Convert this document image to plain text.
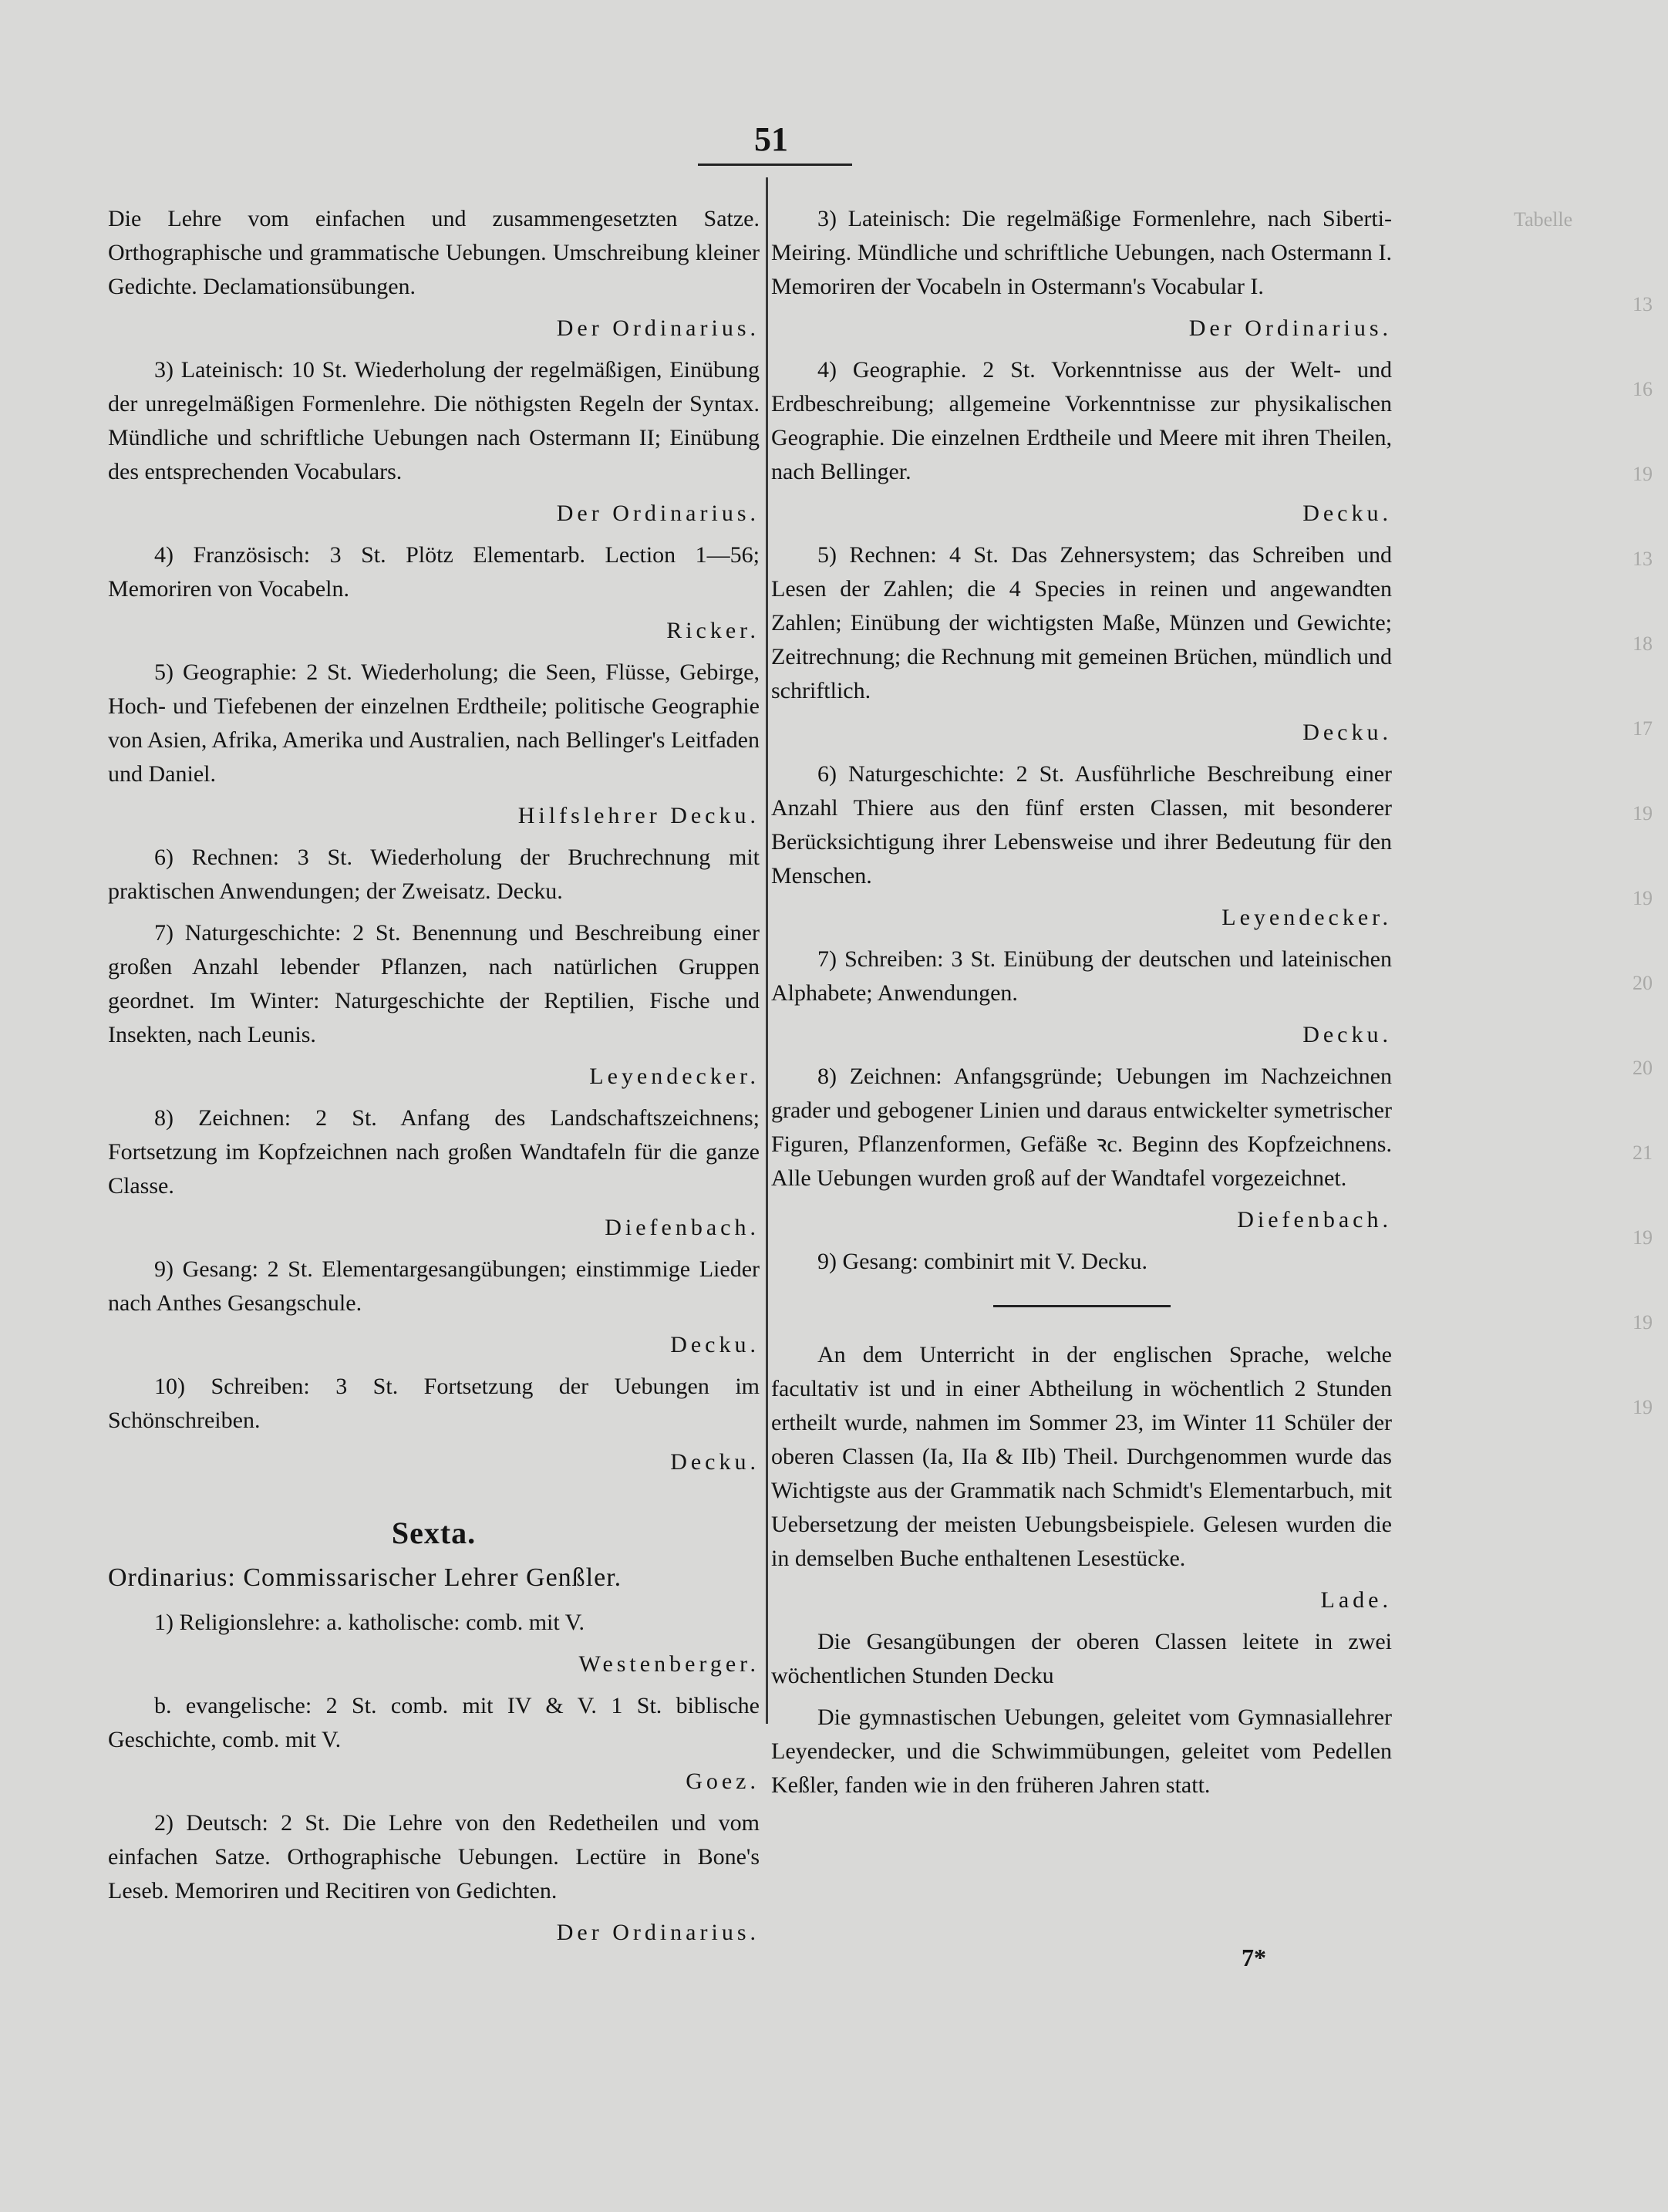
Tabelle
13
16
19
13
18
17
19
19
20
20
21
19
19
19
51

Die Lehre vom einfachen und zusammengesetzten Satze. Orthographische und grammatische Uebungen. Umschreibung kleiner Gedichte. Declamationsübungen.

Der Ordinarius.

3) Lateinisch: 10 St. Wiederholung der regelmäßigen, Einübung der unregelmäßigen Formenlehre. Die nöthigsten Regeln der Syntax. Mündliche und schriftliche Uebungen nach Ostermann II; Einübung des entsprechenden Vocabulars.

Der Ordinarius.

4) Französisch: 3 St. Plötz Elementarb. Lection 1—56; Memoriren von Vocabeln.

Ricker.

5) Geographie: 2 St. Wiederholung; die Seen, Flüsse, Gebirge, Hoch- und Tiefebenen der einzelnen Erdtheile; politische Geographie von Asien, Afrika, Amerika und Australien, nach Bellinger's Leitfaden und Daniel.

Hilfslehrer Decku.

6) Rechnen: 3 St. Wiederholung der Bruchrechnung mit praktischen Anwendungen; der Zweisatz. Decku.

7) Naturgeschichte: 2 St. Benennung und Beschreibung einer großen Anzahl lebender Pflanzen, nach natürlichen Gruppen geordnet. Im Winter: Naturgeschichte der Reptilien, Fische und Insekten, nach Leunis.

Leyendecker.

8) Zeichnen: 2 St. Anfang des Landschaftszeichnens; Fortsetzung im Kopfzeichnen nach großen Wandtafeln für die ganze Classe.

Diefenbach.

9) Gesang: 2 St. Elementargesangübungen; einstimmige Lieder nach Anthes Gesangschule.

Decku.

10) Schreiben: 3 St. Fortsetzung der Uebungen im Schönschreiben.

Decku.

Sexta.
Ordinarius: Commissarischer Lehrer Genßler.

1) Religionslehre: a. katholische: comb. mit V.

Westenberger.

b. evangelische: 2 St. comb. mit IV & V. 1 St. biblische Geschichte, comb. mit V.

Goez.

2) Deutsch: 2 St. Die Lehre von den Redetheilen und vom einfachen Satze. Orthographische Uebungen. Lectüre in Bone's Leseb. Memoriren und Recitiren von Gedichten.

Der Ordinarius.

3) Lateinisch: Die regelmäßige Formenlehre, nach Siberti-Meiring. Mündliche und schriftliche Uebungen, nach Ostermann I. Memoriren der Vocabeln in Ostermann's Vocabular I.

Der Ordinarius.

4) Geographie. 2 St. Vorkenntnisse aus der Welt- und Erdbeschreibung; allgemeine Vorkenntnisse zur physikalischen Geographie. Die einzelnen Erdtheile und Meere mit ihren Theilen, nach Bellinger.

Decku.

5) Rechnen: 4 St. Das Zehnersystem; das Schreiben und Lesen der Zahlen; die 4 Species in reinen und angewandten Zahlen; Einübung der wichtigsten Maße, Münzen und Gewichte; Zeitrechnung; die Rechnung mit gemeinen Brüchen, mündlich und schriftlich.

Decku.

6) Naturgeschichte: 2 St. Ausführliche Beschreibung einer Anzahl Thiere aus den fünf ersten Classen, mit besonderer Berücksichtigung ihrer Lebensweise und ihrer Bedeutung für den Menschen.

Leyendecker.

7) Schreiben: 3 St. Einübung der deutschen und lateinischen Alphabete; Anwendungen.

Decku.

8) Zeichnen: Anfangsgründe; Uebungen im Nachzeichnen grader und gebogener Linien und daraus entwickelter symetrischer Figuren, Pflanzenformen, Gefäße ꝛc. Beginn des Kopfzeichnens. Alle Uebungen wurden groß auf der Wandtafel vorgezeichnet.

Diefenbach.

9) Gesang: combinirt mit V. Decku.

An dem Unterricht in der englischen Sprache, welche facultativ ist und in einer Abtheilung in wöchentlich 2 Stunden ertheilt wurde, nahmen im Sommer 23, im Winter 11 Schüler der oberen Classen (Ia, IIa & IIb) Theil. Durchgenommen wurde das Wichtigste aus der Grammatik nach Schmidt's Elementarbuch, mit Uebersetzung der meisten Uebungsbeispiele. Gelesen wurden die in demselben Buche enthaltenen Lesestücke.

Lade.

Die Gesangübungen der oberen Classen leitete in zwei wöchentlichen Stunden Decku

Die gymnastischen Uebungen, geleitet vom Gymnasiallehrer Leyendecker, und die Schwimmübungen, geleitet vom Pedellen Keßler, fanden wie in den früheren Jahren statt.

7*
